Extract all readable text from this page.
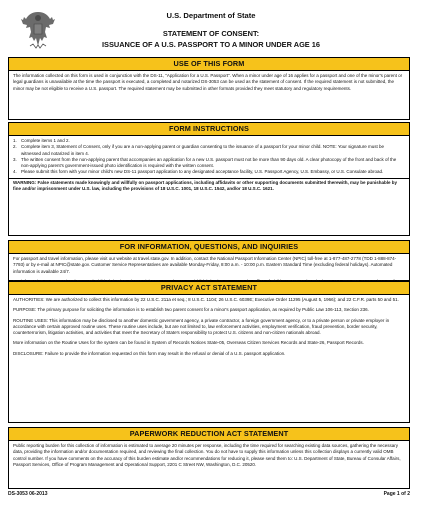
U.S. Department of State
STATEMENT OF CONSENT:
ISSUANCE OF A U.S. PASSPORT TO A MINOR UNDER AGE 16
USE OF THIS FORM

The information collected on this form is used in conjunction with the DS-11, "Application for a U.S. Passport". When a minor under age of 16 applies for a passport and one of the minor's parent or legal guardians is unavailable at the time the passport is executed, a completed and notarized DS-3053 can be used as the statement of consent. If the required statement is not submitted, the minor may be not eligible to receive a U.S. passport. The required statement may be submitted in other formats provided they meet statutory and regulatory requirements.

FORM INSTRUCTIONS
1. Complete items 1 and 2.
2. Complete item 3, Statement of Consent, only if you are a non-applying parent or guardian consenting to the issuance of a passport for your minor child. NOTE: Your signature must be witnessed and notarized in item 4.
3. The written consent from the non-applying parent that accompanies an application for a new U.S. passport must not be more than 90 days old. A clear photocopy of the front and back of the non-applying parent's government-issued photo identification is required with the written consent.
4. Please submit this form with your minor child's new DS-11 passport application to any designated acceptance facility, U.S. Passport Agency, U.S. Embassy, or U.S. Consulate abroad.
WARNING: False statements made knowingly and willfully on passport applications, including affidavits or other supporting documents submitted therewith, may be punishable by fine and/or imprisonment under U.S. law, including the provisions of 18 U.S.C. 1001, 18 U.S.C. 1542, and/or 18 U.S.C. 1621.
FOR INFORMATION, QUESTIONS, AND INQUIRIES

For passport and travel information, please visit our website at travel.state.gov. In addition, contact the National Passport Information Center (NPIC) toll-free at 1-877-487-2778 (TDD 1-888-874-7793) or by e-mail at NPIC@state.gov. Customer Service Representatives are available Monday-Friday, 8:00 a.m. - 10:00 p.m. Eastern Standard Time (excluding federal holidays). Automated information is available 24/7.

PRIVACY ACT STATEMENT

AUTHORITIES: We are authorized to collect this information by 22 U.S.C. 211a et seq.; 8 U.S.C. 1104; 26 U.S.C. 6039E; Executive Order 11295 (August 5, 1966); and 22 C.F.R. parts 50 and 51.

PURPOSE: The primary purpose for soliciting the information is to establish two parent consent for a minor's passport application, as required by Public Law 106-113, Section 236.

ROUTINE USES: This information may be disclosed to another domestic government agency, a private contractor, a foreign government agency, or to a private person or private employer in accordance with certain approved routine uses. These routine uses include, but are not limited to, law enforcement activities, employment verification, fraud prevention, border security, counterterrorism, litigation activities, and activities that meet the Secretary of State's responsibility to protect U.S. citizens and non-citizen nationals abroad.

More information on the Routine Uses for the system can be found in System of Records Notices State-05, Overseas Citizen Services Records and State-26, Passport Records.

DISCLOSURE: Failure to provide the information requested on this form may result in the refusal or denial of a U.S. passport application.

PAPERWORK REDUCTION ACT STATEMENT

Public reporting burden for this collection of information is estimated to average 20 minutes per response, including the time required for searching existing data sources, gathering the necessary data, providing the information and/or documentation required, and reviewing the final collection. You do not have to supply this information unless this collection displays a currently valid OMB control number. If you have comments on the accuracy of this burden estimate and/or recommendations for reducing it, please send them to: U.S. Department of State, Bureau of Consular Affairs, Passport Services, Office of Program Management and Operational Support, 2201 C Street NW, Washington, D.C. 20520.

DS-3053 06-2013	Page 1 of 2
